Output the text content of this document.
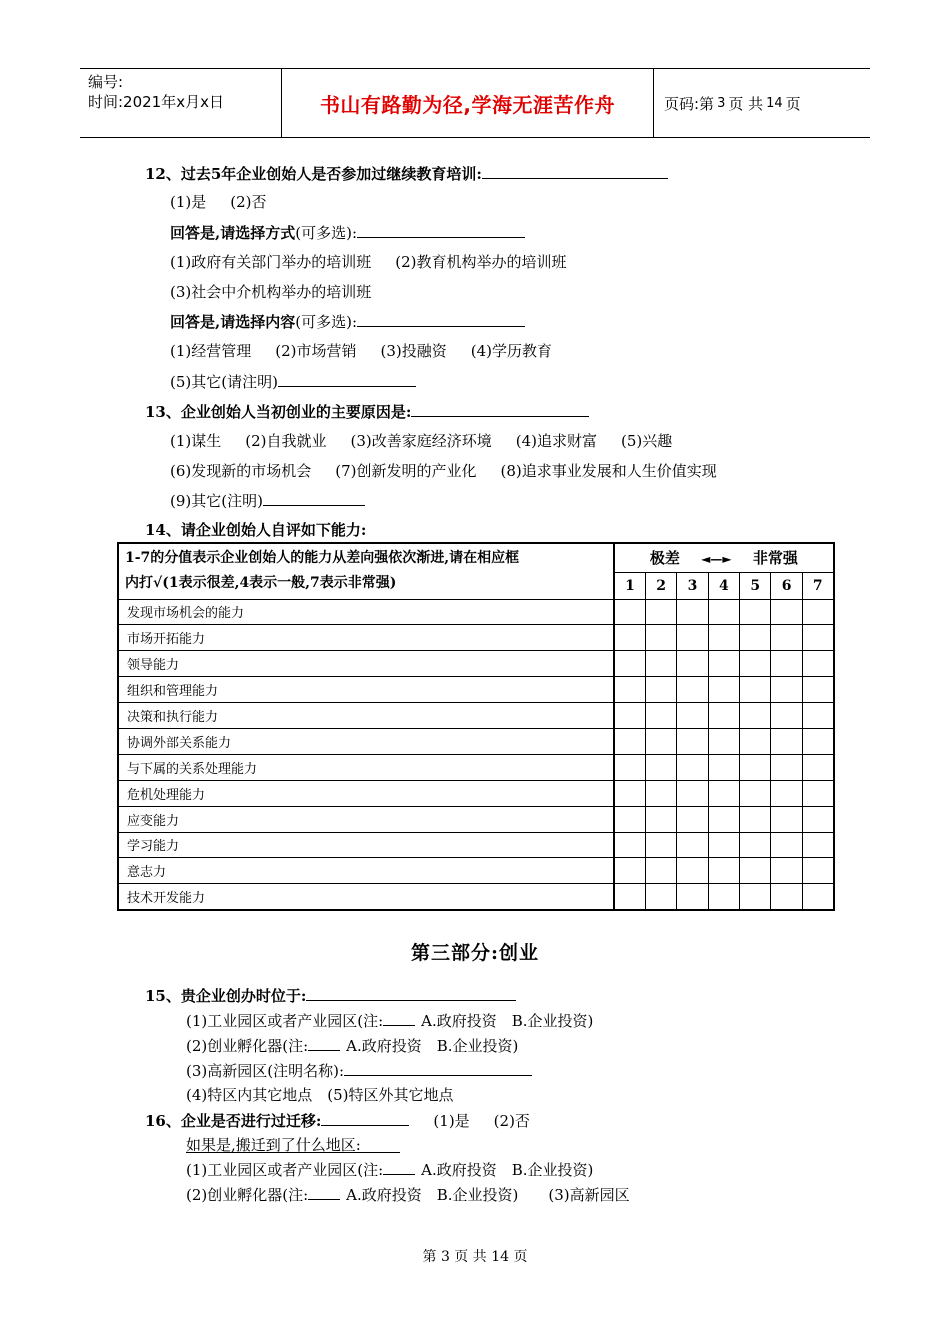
编号:
时间:2021年x月x日	书山有路勤为径,学海无涯苦作舟	页码:第 3 页 共 14 页
12、过去5年企业创始人是否参加过继续教育培训:
(1)是 (2)否
回答是,请选择方式(可多选):
(1)政府有关部门举办的培训班 (2)教育机构举办的培训班
(3)社会中介机构举办的培训班
回答是,请选择内容(可多选):
(1)经营管理 (2)市场营销 (3)投融资 (4)学历教育
(5)其它(请注明)
13、企业创始人当初创业的主要原因是:
(1)谋生 (2)自我就业 (3)改善家庭经济环境 (4)追求财富 (5)兴趣
(6)发现新的市场机会 (7)创新发明的产业化 (8)追求事业发展和人生价值实现
(9)其它(注明)
14、请企业创始人自评如下能力:
1-7的分值表示企业创始人的能力从差向强依次渐进,请在相应框
内打√(1表示很差,4表示一般,7表示非常强)	极差 ◄—► 非常强						
	1	2	3	4	5	6	7
发现市场机会的能力							
市场开拓能力							
领导能力							
组织和管理能力							
决策和执行能力							
协调外部关系能力							
与下属的关系处理能力							
危机处理能力							
应变能力							
学习能力							
意志力							
技术开发能力							
第三部分:创业
15、贵企业创办时位于:
(1)工业园区或者产业园区(注:	A.政府投资　B.企业投资)
(2)创业孵化器(注:	A.政府投资　B.企业投资)
(3)高新园区(注明名称):
(4)特区内其它地点　(5)特区外其它地点
16、企业是否进行过迁移:	(1)是 (2)否
如果是,搬迁到了什么地区:
(1)工业园区或者产业园区(注:	A.政府投资　B.企业投资)
(2)创业孵化器(注:	A.政府投资　B.企业投资) (3)高新园区
第 3 页 共 14 页
